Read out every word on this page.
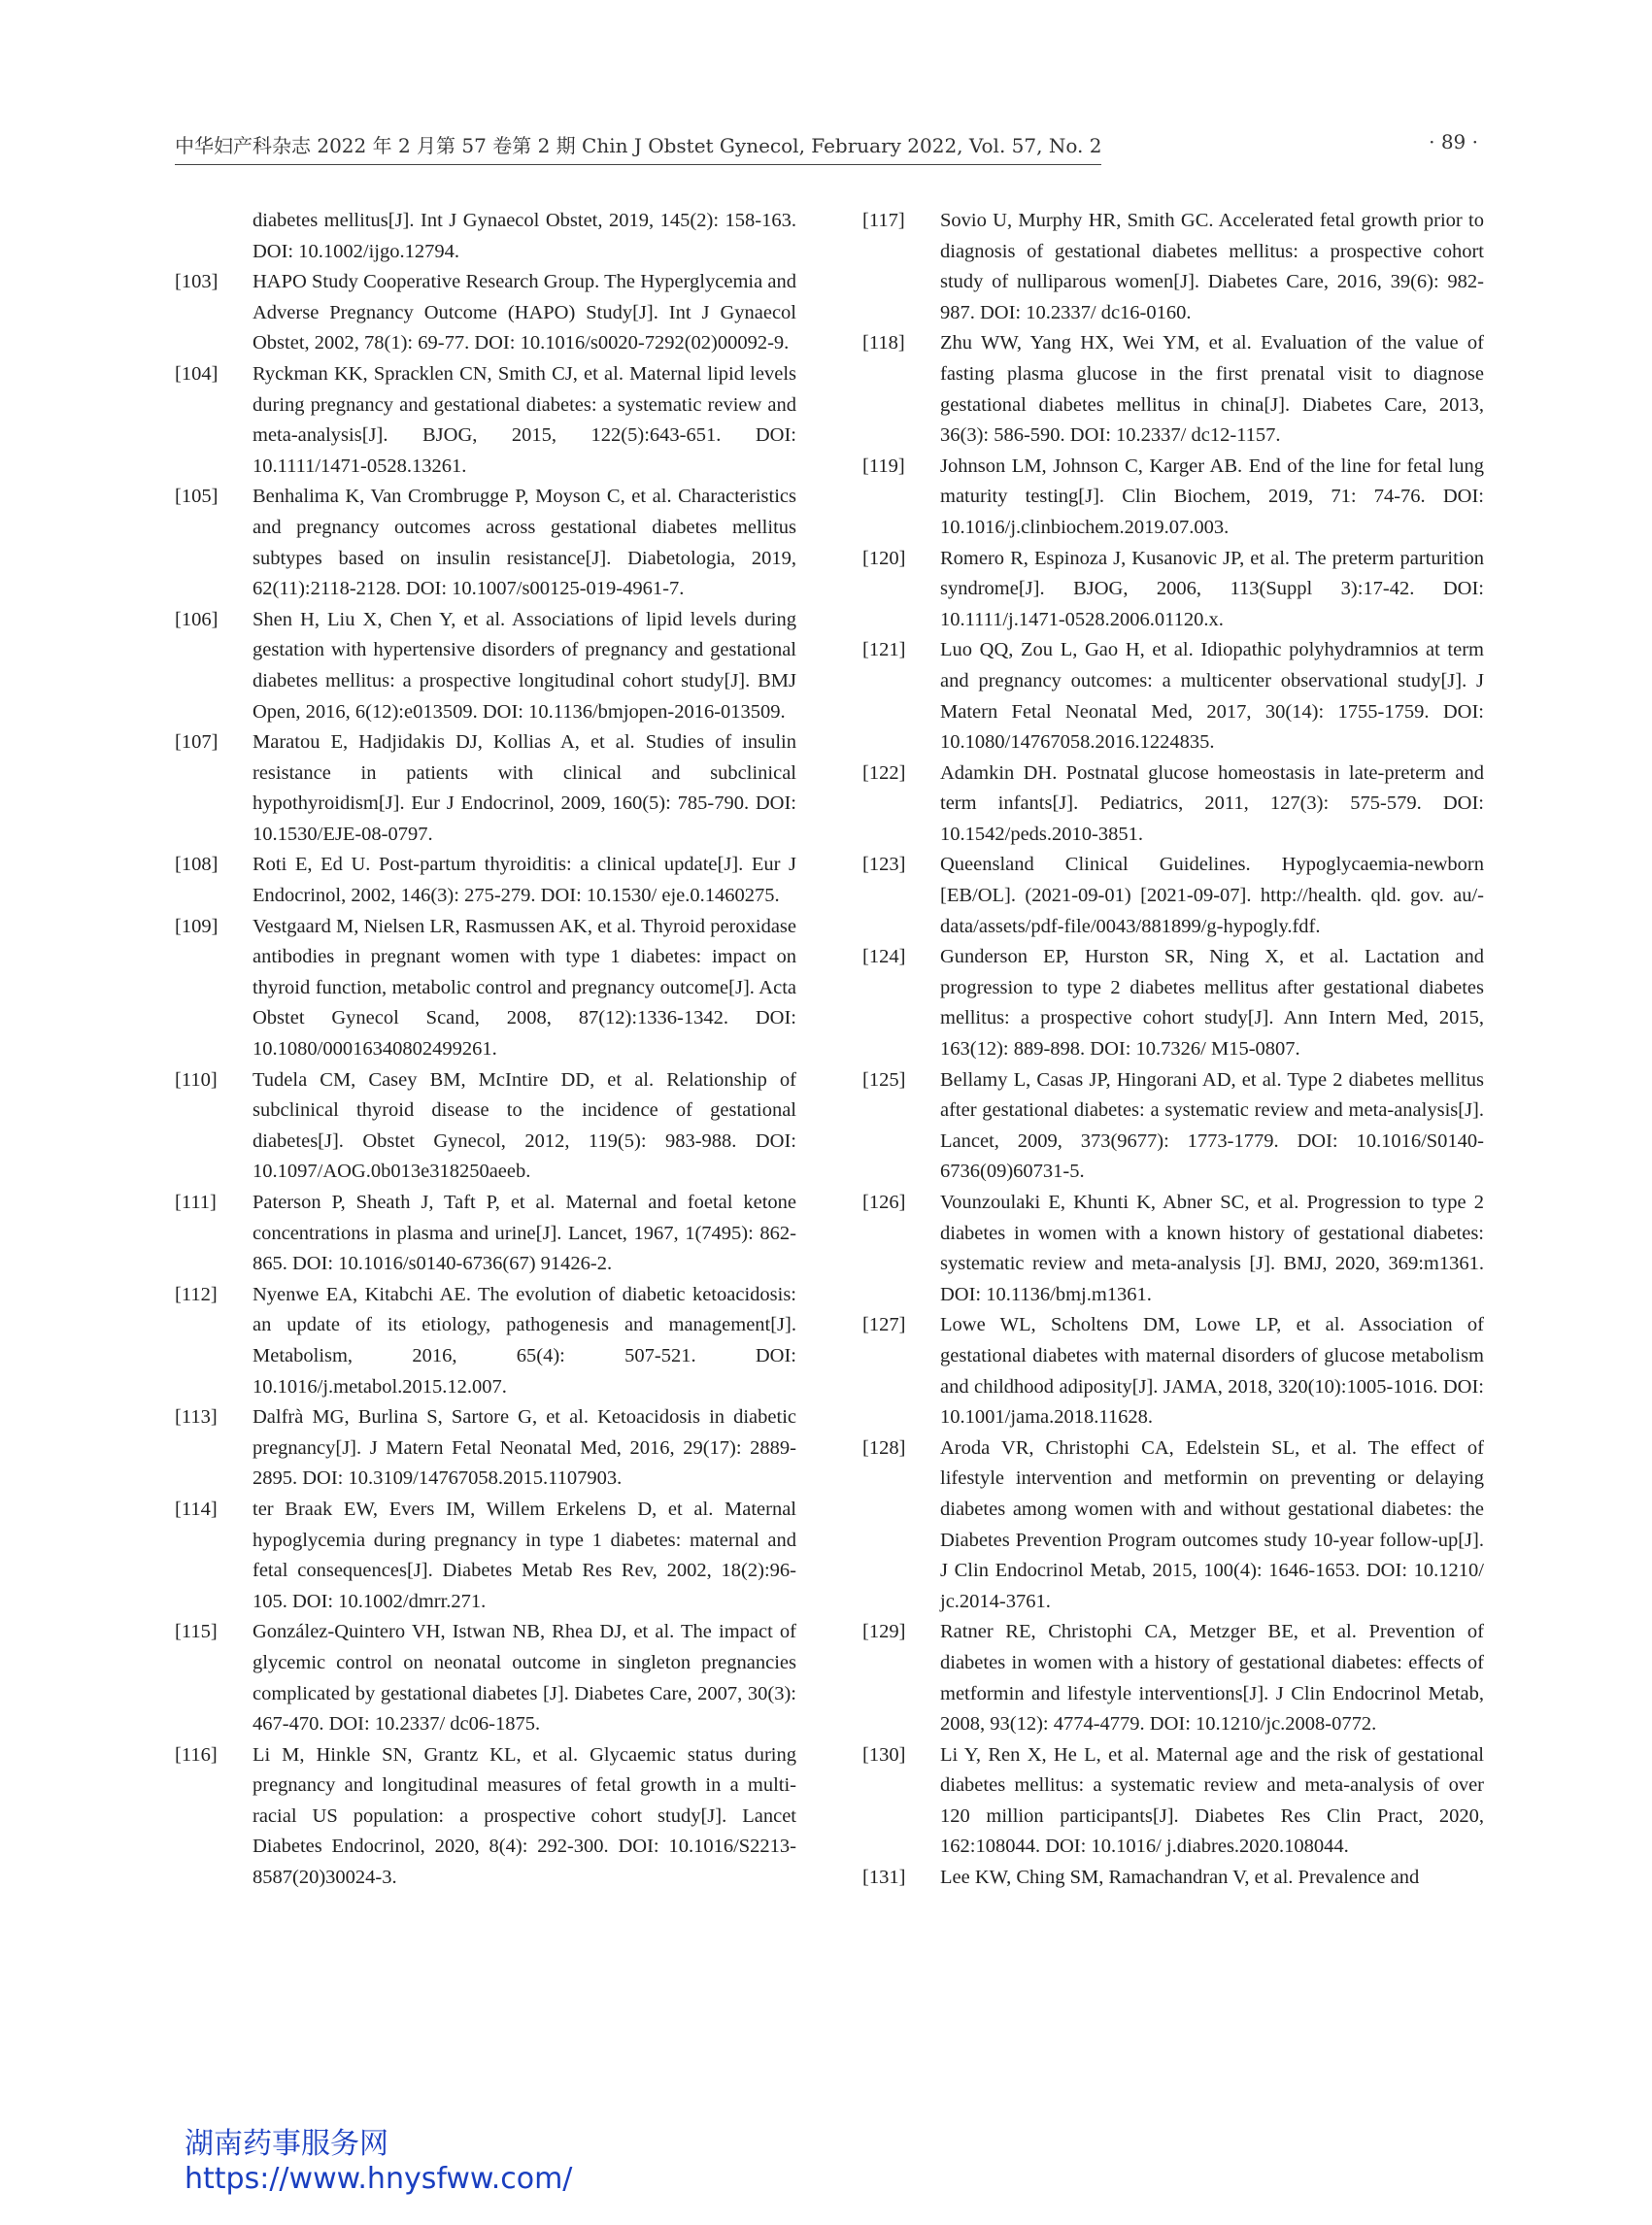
中华妇产科杂志 2022 年 2 月第 57 卷第 2 期 Chin J Obstet Gynecol, February 2022, Vol. 57, No. 2	· 89 ·
diabetes mellitus[J]. Int J Gynaecol Obstet, 2019, 145(2): 158-163. DOI: 10.1002/ijgo.12794.
[103]	HAPO Study Cooperative Research Group. The Hyperglycemia and Adverse Pregnancy Outcome (HAPO) Study[J]. Int J Gynaecol Obstet, 2002, 78(1): 69-77. DOI: 10.1016/s0020-7292(02)00092-9.
[104]	Ryckman KK, Spracklen CN, Smith CJ, et al. Maternal lipid levels during pregnancy and gestational diabetes: a systematic review and meta-analysis[J]. BJOG, 2015, 122(5):643-651. DOI: 10.1111/1471-0528.13261.
[105]	Benhalima K, Van Crombrugge P, Moyson C, et al. Characteristics and pregnancy outcomes across gestational diabetes mellitus subtypes based on insulin resistance[J]. Diabetologia, 2019, 62(11):2118-2128. DOI: 10.1007/s00125-019-4961-7.
[106]	Shen H, Liu X, Chen Y, et al. Associations of lipid levels during gestation with hypertensive disorders of pregnancy and gestational diabetes mellitus: a prospective longitudinal cohort study[J]. BMJ Open, 2016, 6(12):e013509. DOI: 10.1136/bmjopen-2016-013509.
[107]	Maratou E, Hadjidakis DJ, Kollias A, et al. Studies of insulin resistance in patients with clinical and subclinical hypothyroidism[J]. Eur J Endocrinol, 2009, 160(5): 785-790. DOI: 10.1530/EJE-08-0797.
[108]	Roti E, Ed U. Post-partum thyroiditis: a clinical update[J]. Eur J Endocrinol, 2002, 146(3): 275-279. DOI: 10.1530/ eje.0.1460275.
[109]	Vestgaard M, Nielsen LR, Rasmussen AK, et al. Thyroid peroxidase antibodies in pregnant women with type 1 diabetes: impact on thyroid function, metabolic control and pregnancy outcome[J]. Acta Obstet Gynecol Scand, 2008, 87(12):1336-1342. DOI: 10.1080/00016340802499261.
[110]	Tudela CM, Casey BM, McIntire DD, et al. Relationship of subclinical thyroid disease to the incidence of gestational diabetes[J]. Obstet Gynecol, 2012, 119(5): 983-988. DOI: 10.1097/AOG.0b013e318250aeeb.
[111]	Paterson P, Sheath J, Taft P, et al. Maternal and foetal ketone concentrations in plasma and urine[J]. Lancet, 1967, 1(7495): 862-865. DOI: 10.1016/s0140-6736(67) 91426-2.
[112]	Nyenwe EA, Kitabchi AE. The evolution of diabetic ketoacidosis: an update of its etiology, pathogenesis and management[J]. Metabolism, 2016, 65(4): 507-521. DOI: 10.1016/j.metabol.2015.12.007.
[113]	Dalfrà MG, Burlina S, Sartore G, et al. Ketoacidosis in diabetic pregnancy[J]. J Matern Fetal Neonatal Med, 2016, 29(17): 2889-2895. DOI: 10.3109/14767058.2015.1107903.
[114]	ter Braak EW, Evers IM, Willem Erkelens D, et al. Maternal hypoglycemia during pregnancy in type 1 diabetes: maternal and fetal consequences[J]. Diabetes Metab Res Rev, 2002, 18(2):96-105. DOI: 10.1002/dmrr.271.
[115]	González-Quintero VH, Istwan NB, Rhea DJ, et al. The impact of glycemic control on neonatal outcome in singleton pregnancies complicated by gestational diabetes [J]. Diabetes Care, 2007, 30(3): 467-470. DOI: 10.2337/ dc06-1875.
[116]	Li M, Hinkle SN, Grantz KL, et al. Glycaemic status during pregnancy and longitudinal measures of fetal growth in a multi-racial US population: a prospective cohort study[J]. Lancet Diabetes Endocrinol, 2020, 8(4): 292-300. DOI: 10.1016/S2213-8587(20)30024-3.
[117]	Sovio U, Murphy HR, Smith GC. Accelerated fetal growth prior to diagnosis of gestational diabetes mellitus: a prospective cohort study of nulliparous women[J]. Diabetes Care, 2016, 39(6): 982-987. DOI: 10.2337/ dc16-0160.
[118]	Zhu WW, Yang HX, Wei YM, et al. Evaluation of the value of fasting plasma glucose in the first prenatal visit to diagnose gestational diabetes mellitus in china[J]. Diabetes Care, 2013, 36(3): 586-590. DOI: 10.2337/ dc12-1157.
[119]	Johnson LM, Johnson C, Karger AB. End of the line for fetal lung maturity testing[J]. Clin Biochem, 2019, 71: 74-76. DOI: 10.1016/j.clinbiochem.2019.07.003.
[120]	Romero R, Espinoza J, Kusanovic JP, et al. The preterm parturition syndrome[J]. BJOG, 2006, 113(Suppl 3):17-42. DOI: 10.1111/j.1471-0528.2006.01120.x.
[121]	Luo QQ, Zou L, Gao H, et al. Idiopathic polyhydramnios at term and pregnancy outcomes: a multicenter observational study[J]. J Matern Fetal Neonatal Med, 2017, 30(14): 1755-1759. DOI: 10.1080/14767058.2016.1224835.
[122]	Adamkin DH. Postnatal glucose homeostasis in late-preterm and term infants[J]. Pediatrics, 2011, 127(3): 575-579. DOI: 10.1542/peds.2010-3851.
[123]	Queensland Clinical Guidelines. Hypoglycaemia-newborn [EB/OL]. (2021-09-01) [2021-09-07]. http://health. qld. gov. au/-data/assets/pdf-file/0043/881899/g-hypogly.fdf.
[124]	Gunderson EP, Hurston SR, Ning X, et al. Lactation and progression to type 2 diabetes mellitus after gestational diabetes mellitus: a prospective cohort study[J]. Ann Intern Med, 2015, 163(12): 889-898. DOI: 10.7326/ M15-0807.
[125]	Bellamy L, Casas JP, Hingorani AD, et al. Type 2 diabetes mellitus after gestational diabetes: a systematic review and meta-analysis[J]. Lancet, 2009, 373(9677): 1773-1779. DOI: 10.1016/S0140-6736(09)60731-5.
[126]	Vounzoulaki E, Khunti K, Abner SC, et al. Progression to type 2 diabetes in women with a known history of gestational diabetes: systematic review and meta-analysis [J]. BMJ, 2020, 369:m1361. DOI: 10.1136/bmj.m1361.
[127]	Lowe WL, Scholtens DM, Lowe LP, et al. Association of gestational diabetes with maternal disorders of glucose metabolism and childhood adiposity[J]. JAMA, 2018, 320(10):1005-1016. DOI: 10.1001/jama.2018.11628.
[128]	Aroda VR, Christophi CA, Edelstein SL, et al. The effect of lifestyle intervention and metformin on preventing or delaying diabetes among women with and without gestational diabetes: the Diabetes Prevention Program outcomes study 10-year follow-up[J]. J Clin Endocrinol Metab, 2015, 100(4): 1646-1653. DOI: 10.1210/ jc.2014-3761.
[129]	Ratner RE, Christophi CA, Metzger BE, et al. Prevention of diabetes in women with a history of gestational diabetes: effects of metformin and lifestyle interventions[J]. J Clin Endocrinol Metab, 2008, 93(12): 4774-4779. DOI: 10.1210/jc.2008-0772.
[130]	Li Y, Ren X, He L, et al. Maternal age and the risk of gestational diabetes mellitus: a systematic review and meta-analysis of over 120 million participants[J]. Diabetes Res Clin Pract, 2020, 162:108044. DOI: 10.1016/ j.diabres.2020.108044.
[131]	Lee KW, Ching SM, Ramachandran V, et al. Prevalence and
湖南药事服务网
https://www.hnysfww.com/
